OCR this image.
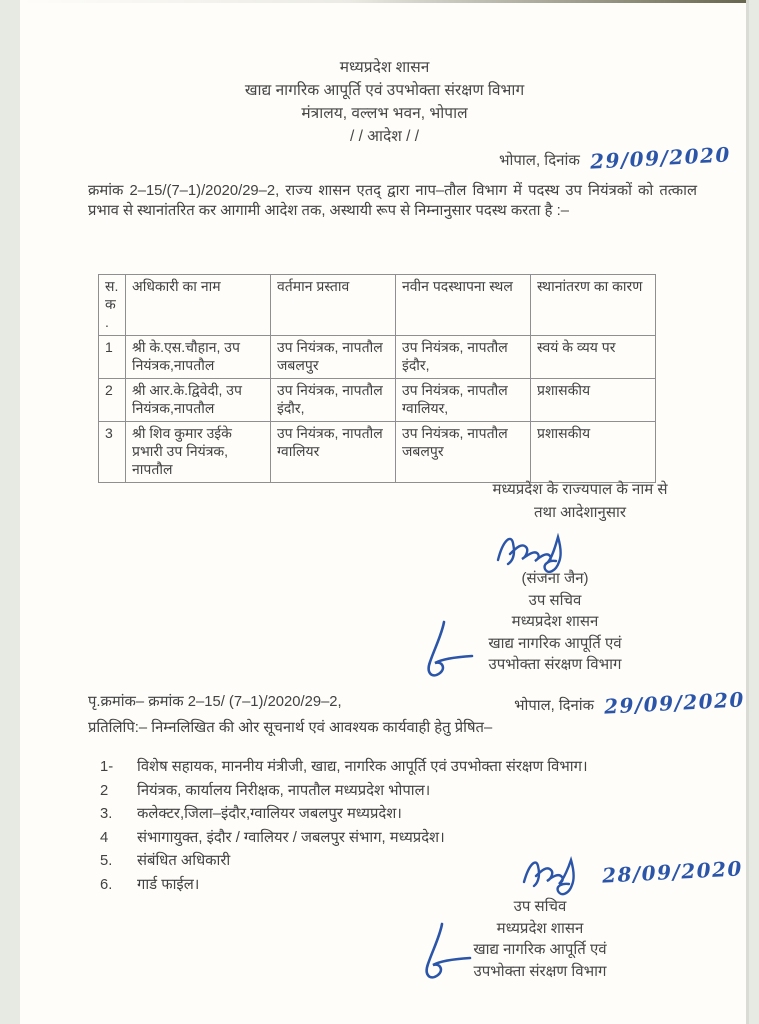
मध्यप्रदेश शासन
खाद्य नागरिक आपूर्ति एवं उपभोक्ता संरक्षण विभाग
मंत्रालय, वल्लभ भवन, भोपाल
/ / आदेश / /
भोपाल, दिनांक 29/09/2020
क्रमांक 2–15/(7–1)/2020/29–2, राज्य शासन एतद् द्वारा नाप–तौल विभाग में पदस्थ उप नियंत्रकों को तत्काल प्रभाव से स्थानांतरित कर आगामी आदेश तक, अस्थायी रूप से निम्नानुसार पदस्थ करता है :–
स. क.	अधिकारी का नाम	वर्तमान प्रस्ताव	नवीन पदस्थापना स्थल	स्थानांतरण का कारण
1	श्री के.एस.चौहान, उप नियंत्रक,नापतौल	उप नियंत्रक, नापतौल जबलपुर	उप नियंत्रक, नापतौल इंदौर,	स्वयं के व्यय पर
2	श्री आर.के.द्विवेदी, उप नियंत्रक,नापतौल	उप नियंत्रक, नापतौल इंदौर,	उप नियंत्रक, नापतौल ग्वालियर,	प्रशासकीय
3	श्री शिव कुमार उईके प्रभारी उप नियंत्रक, नापतौल	उप नियंत्रक, नापतौल ग्वालियर	उप नियंत्रक, नापतौल जबलपुर	प्रशासकीय
मध्यप्रदेश के राज्यपाल के नाम से
तथा आदेशानुसार
(संजना जैन)
उप सचिव
मध्यप्रदेश शासन
खाद्य नागरिक आपूर्ति एवं
उपभोक्ता संरक्षण विभाग
पृ.क्रमांक– क्रमांक 2–15/ (7–1)/2020/29–2,	भोपाल, दिनांक 29/09/2020
प्रतिलिपि:– निम्नलिखित की ओर सूचनार्थ एवं आवश्यक कार्यवाही हेतु प्रेषित–
1-	विशेष सहायक, माननीय मंत्रीजी, खाद्य, नागरिक आपूर्ति एवं उपभोक्ता संरक्षण विभाग।
2	नियंत्रक, कार्यालय निरीक्षक, नापतौल मध्यप्रदेश भोपाल।
3.	कलेक्टर,जिला–इंदौर,ग्वालियर जबलपुर मध्यप्रदेश।
4	संभागायुक्त, इंदौर / ग्वालियर / जबलपुर संभाग, मध्यप्रदेश।
5.	संबंधित अधिकारी
6.	गार्ड फाईल।	28/09/2020
उप सचिव
मध्यप्रदेश शासन
खाद्य नागरिक आपूर्ति एवं
उपभोक्ता संरक्षण विभाग
